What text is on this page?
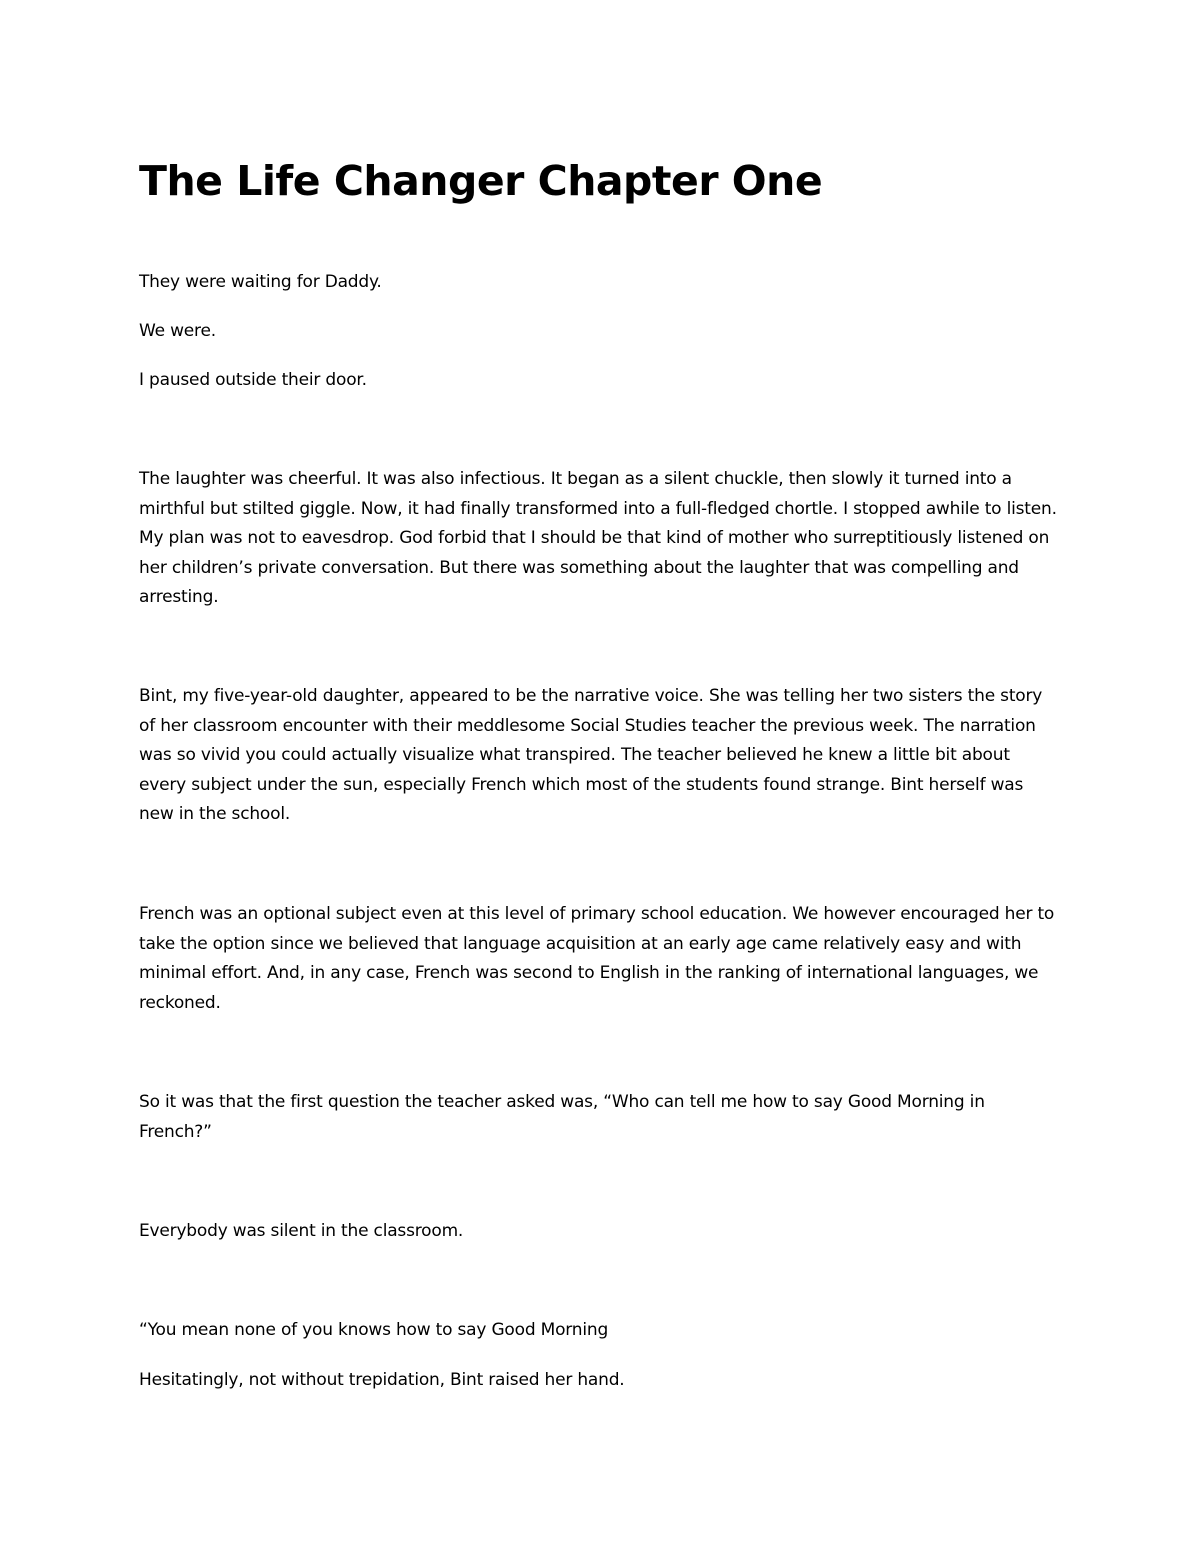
The Life Changer Chapter One

They were waiting for Daddy.

We were.

I paused outside their door.

The laughter was cheerful. It was also infectious. It began as a silent chuckle, then slowly it turned into a mirthful but stilted giggle. Now, it had finally transformed into a full-fledged chortle. I stopped awhile to listen. My plan was not to eavesdrop. God forbid that I should be that kind of mother who surreptitiously listened on her children’s private conversation. But there was something about the laughter that was compelling and arresting.

Bint, my five-year-old daughter, appeared to be the narrative voice. She was telling her two sisters the story of her classroom encounter with their meddlesome Social Studies teacher the previous week. The narration was so vivid you could actually visualize what transpired. The teacher believed he knew a little bit about every subject under the sun, especially French which most of the students found strange. Bint herself was new in the school.

French was an optional subject even at this level of primary school education. We however encouraged her to take the option since we believed that language acquisition at an early age came relatively easy and with minimal effort. And, in any case, French was second to English in the ranking of international languages, we reckoned.

So it was that the first question the teacher asked was, “Who can tell me how to say Good Morning in French?”

Everybody was silent in the classroom.

“You mean none of you knows how to say Good Morning

Hesitatingly, not without trepidation, Bint raised her hand.
